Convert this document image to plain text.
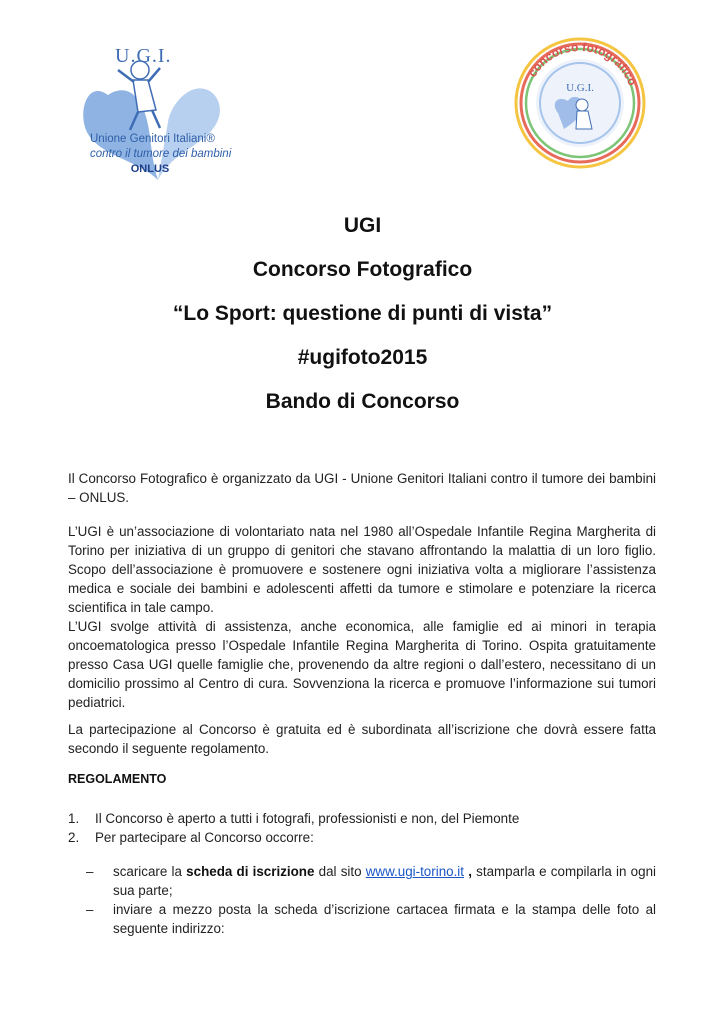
U.G.I.
Unione Genitori Italiani®
contro il tumore dei bambini

ONLUS
concorso fotografico
U.G.I.
UGI
Concorso Fotografico
“Lo Sport: questione di punti di vista”
#ugifoto2015
Bando di Concorso
Il Concorso Fotografico è organizzato da UGI - Unione Genitori Italiani contro il tumore dei bambini – ONLUS.
L’UGI è un’associazione di volontariato nata nel 1980 all’Ospedale Infantile Regina Margherita di Torino per iniziativa di un gruppo di genitori che stavano affrontando la malattia di un loro figlio. Scopo dell’associazione è promuovere e sostenere ogni iniziativa volta a migliorare l’assistenza medica e sociale dei bambini e adolescenti affetti da tumore e stimolare e potenziare la ricerca scientifica in tale campo.
L’UGI svolge attività di assistenza, anche economica, alle famiglie ed ai minori in terapia oncoematologica presso l’Ospedale Infantile Regina Margherita di Torino. Ospita gratuitamente presso Casa UGI quelle famiglie che, provenendo da altre regioni o dall’estero, necessitano di un domicilio prossimo al Centro di cura. Sovvenziona la ricerca e promuove l’informazione sui tumori pediatrici.
La partecipazione al Concorso è gratuita ed è subordinata all’iscrizione che dovrà essere fatta secondo il seguente regolamento.
REGOLAMENTO
1. Il Concorso è aperto a tutti i fotografi, professionisti e non, del Piemonte
2. Per partecipare al Concorso occorre:
–	scaricare la scheda di iscrizione dal sito www.ugi-torino.it , stamparla e compilarla in ogni sua parte;
–	inviare a mezzo posta la scheda d’iscrizione cartacea firmata e la stampa delle foto al seguente indirizzo:
